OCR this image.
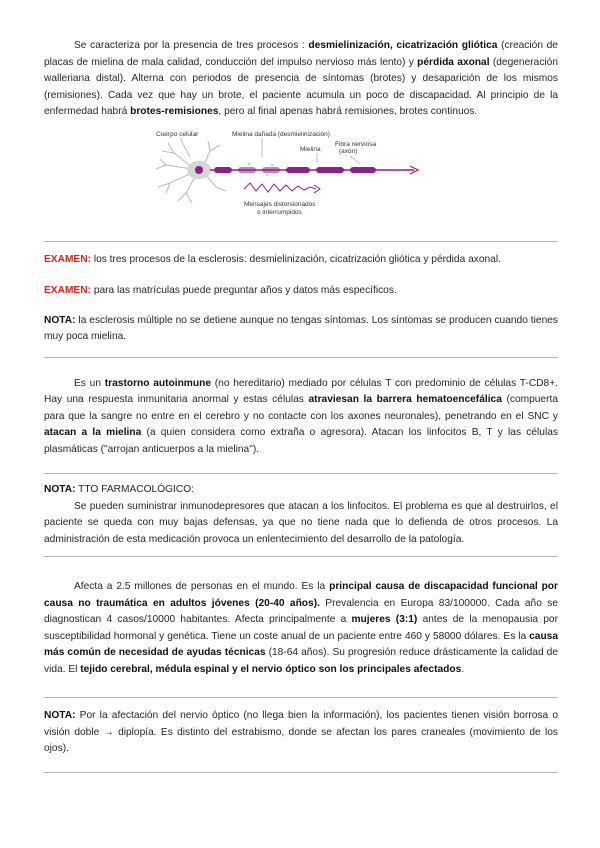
Se caracteriza por la presencia de tres procesos : desmielinización, cicatrización gliótica (creación de placas de mielina de mala calidad, conducción del impulso nervioso más lento) y pérdida axonal (degeneración walleriana distal). Alterna con periodos de presencia de síntomas (brotes) y desaparición de los mismos (remisiones). Cada vez que hay un brote, el paciente acumula un poco de discapacidad. Al principio de la enfermedad habrá brotes-remisiones, pero al final apenas habrá remisiones, brotes continuos.

Cuerpo celular	Mielina dañada (desmielinización)
Fibra nerviosa
(axón)
Mielina
Mensajes distorsionados
o interrumpidos

EXAMEN: los tres procesos de la esclerosis: desmielinización, cicatrización gliótica y pérdida axonal.

EXAMEN: para las matrículas puede preguntar años y datos más específicos.

NOTA: la esclerosis múltiple no se detiene aunque no tengas síntomas. Los síntomas se producen cuando tienes muy poca mielina.

Es un trastorno autoinmune (no hereditario) mediado por células T con predominio de células T-CD8+. Hay una respuesta inmunitaria anormal y estas células atraviesan la barrera hematoencefálica (compuerta para que la sangre no entre en el cerebro y no contacte con los axones neuronales), penetrando en el SNC y atacan a la mielina (a quien considera como extraña o agresora). Atacan los linfocitos B, T y las células plasmáticas ("arrojan anticuerpos a la mielina").

NOTA: TTO FARMACOLÓGICO:

Se pueden suministrar inmunodepresores que atacan a los linfocitos. El problema es que al destruirlos, el paciente se queda con muy bajas defensas, ya que no tiene nada que lo defienda de otros procesos. La administración de esta medicación provoca un enlentecimiento del desarrollo de la patología.

Afecta a 2.5 millones de personas en el mundo. Es la principal causa de discapacidad funcional por causa no traumática en adultos jóvenes (20-40 años). Prevalencia en Europa 83/100000. Cada año se diagnostican 4 casos/10000 habitantes. Afecta principalmente a mujeres (3:1) antes de la menopausia por susceptibilidad hormonal y genética. Tiene un coste anual de un paciente entre 460 y 58000 dólares. Es la causa más común de necesidad de ayudas técnicas (18-64 años). Su progresión reduce drásticamente la calidad de vida. El tejido cerebral, médula espinal y el nervio óptico son los principales afectados.

NOTA: Por la afectación del nervio óptico (no llega bien la información), los pacientes tienen visión borrosa o visión doble → diplopía. Es distinto del estrabismo, donde se afectan los pares craneales (movimiento de los ojos).
